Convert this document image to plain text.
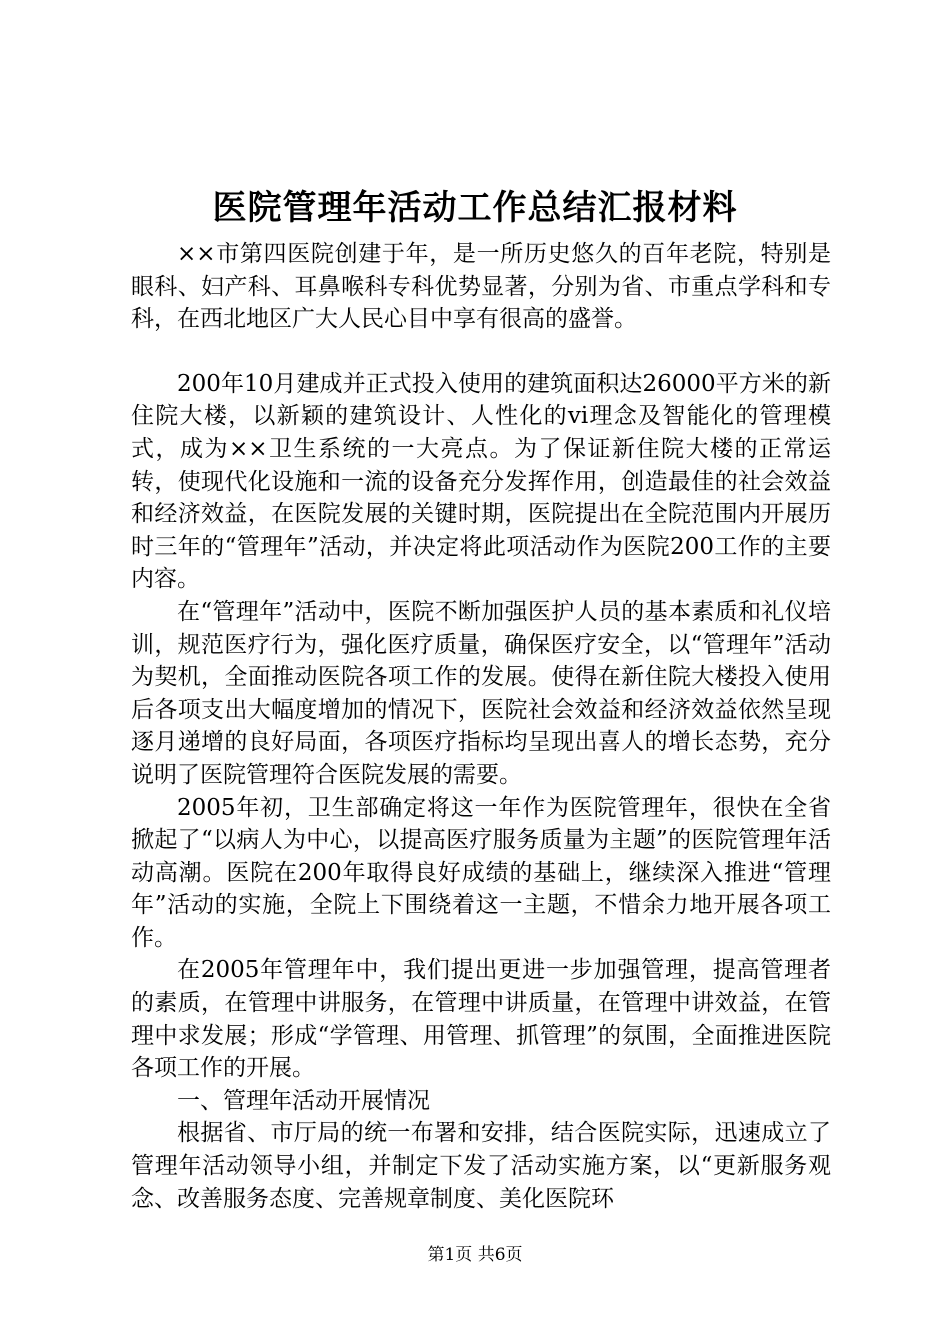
医院管理年活动工作总结汇报材料

××市第四医院创建于年，是一所历史悠久的百年老院，特别是眼科、妇产科、耳鼻喉科专科优势显著，分别为省、市重点学科和专科，在西北地区广大人民心目中享有很高的盛誉。

200年10月建成并正式投入使用的建筑面积达26000平方米的新住院大楼，以新颖的建筑设计、人性化的vi理念及智能化的管理模式，成为××卫生系统的一大亮点。为了保证新住院大楼的正常运转，使现代化设施和一流的设备充分发挥作用，创造最佳的社会效益和经济效益，在医院发展的关键时期，医院提出在全院范围内开展历时三年的“管理年”活动，并决定将此项活动作为医院200工作的主要内容。

在“管理年”活动中，医院不断加强医护人员的基本素质和礼仪培训，规范医疗行为，强化医疗质量，确保医疗安全，以“管理年”活动为契机，全面推动医院各项工作的发展。使得在新住院大楼投入使用后各项支出大幅度增加的情况下，医院社会效益和经济效益依然呈现逐月递增的良好局面，各项医疗指标均呈现出喜人的增长态势，充分说明了医院管理符合医院发展的需要。

2005年初，卫生部确定将这一年作为医院管理年，很快在全省掀起了“以病人为中心，以提高医疗服务质量为主题”的医院管理年活动高潮。医院在200年取得良好成绩的基础上，继续深入推进“管理年”活动的实施，全院上下围绕着这一主题，不惜余力地开展各项工作。

在2005年管理年中，我们提出更进一步加强管理，提高管理者的素质，在管理中讲服务，在管理中讲质量，在管理中讲效益，在管理中求发展；形成“学管理、用管理、抓管理”的氛围，全面推进医院各项工作的开展。

一、管理年活动开展情况

根据省、市厅局的统一布署和安排，结合医院实际，迅速成立了管理年活动领导小组，并制定下发了活动实施方案，以“更新服务观念、改善服务态度、完善规章制度、美化医院环

第1页 共6页
